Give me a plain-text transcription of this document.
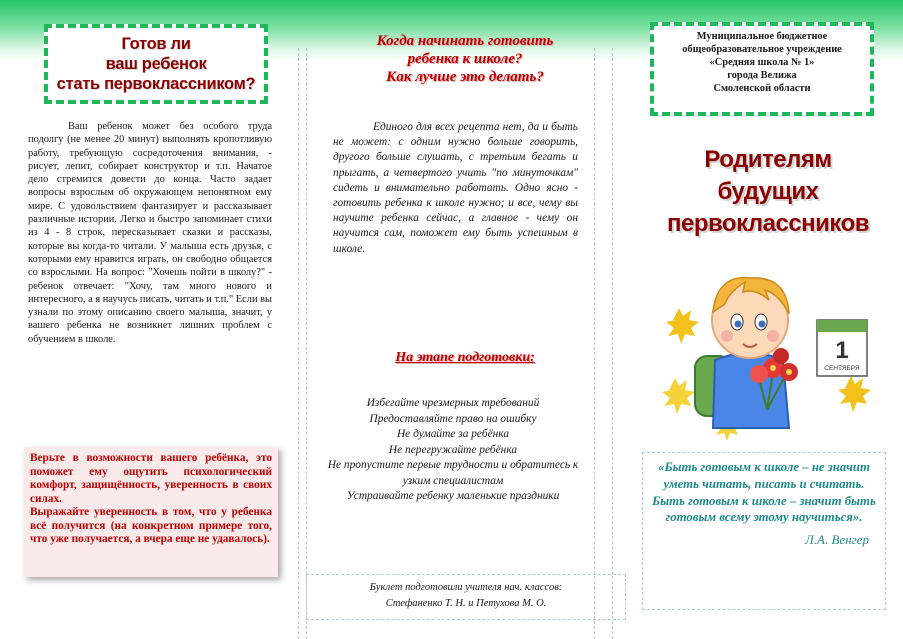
Готов ли
ваш ребенок
стать первоклассником?

Ваш ребенок может без особого труда подолгу (не менее 20 минут) выполнять кропотливую работу, требующую сосредоточения внимания, - рисует, лепит, собирает конструктор и т.п. Начатое дело стремится довести до конца. Часто задает вопросы взрослым об окружающем непонятном ему мире. С удовольствием фантазирует и рассказывает различные истории. Легко и быстро запоминает стихи из 4 - 8 строк, пересказывает сказки и рассказы, которые вы когда-то читали. У малыша есть друзья, с которыми ему нравится играть, он свободно общается со взрослыми. На вопрос: "Хочешь пойти в школу?" - ребенок отвечает: "Хочу, там много нового и интересного, а я научусь писать, читать и т.п." Если вы узнали по этому описанию своего малыша, значит, у вашего ребенка не возникнет лишних проблем с обучением в школе.

Верьте в возможности вашего ребёнка, это поможет ему ощутить психологический комфорт, защищённость, уверенность в своих силах.

Выражайте уверенность в том, что у ребенка всё получится (на конкретном примере того, что уже получается, а вчера еще не удавалось).

Когда начинать готовить
ребенка к школе?
Как лучше это делать?

Единого для всех рецепта нет, да и быть не может: с одним нужно больше говорить, другого больше слушать, с третьим бегать и прыгать, а четвертого учить "по минуточкам" сидеть и внимательно работать. Одно ясно - готовить ребенка к школе нужно; и все, чему вы научите ребенка сейчас, а главное - чему он научится сам, поможет ему быть успешным в школе.

На этапе подготовки:
Избегайте чрезмерных требований
Предоставляйте право на ошибку
Не думайте за ребёнка
Не перегружайте ребёнка
Не пропустите первые трудности и обратитесь к узким специалистам
Устраивайте ребенку маленькие праздники
Буклет подготовили учителя нач. классов:
Стефаненко Т. Н. и Петухова М. О.
Муниципальное бюджетное
общеобразовательное учреждение
«Средняя школа № 1»
города Велижа
Смоленской области
Родителям
будущих
первоклассников
1
СЕНТЯБРЯ

«Быть готовым к школе – не значит уметь читать, писать и считать. Быть готовым к школе – значит быть готовым всему этому научиться».

Л.А. Венгер
